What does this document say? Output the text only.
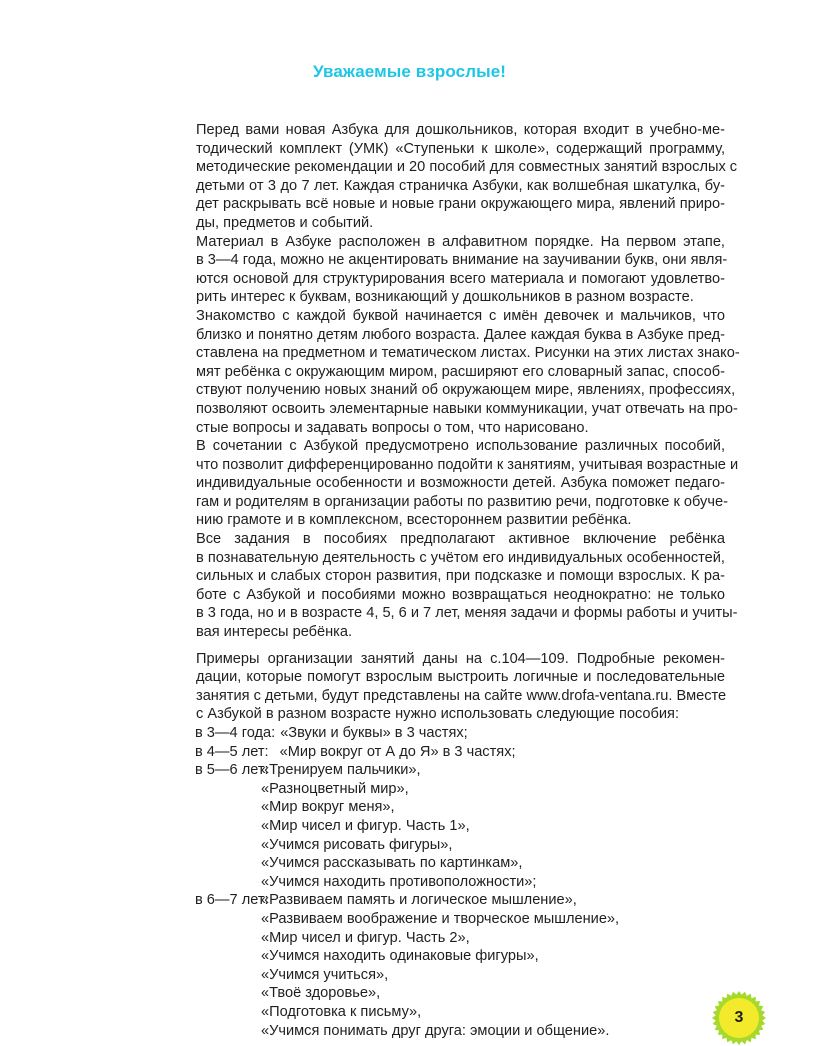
Уважаемые взрослые!

Перед вами новая Азбука для дошкольников, которая входит в учебно-ме-
тодический комплект (УМК) «Ступеньки к школе», содержащий программу,
методические рекомендации и 20 пособий для совместных занятий взрослых с
детьми от 3 до 7 лет. Каждая страничка Азбуки, как волшебная шкатулка, бу-
дет раскрывать всё новые и новые грани окружающего мира, явлений приро-
ды, предметов и событий.

Материал в Азбуке расположен в алфавитном порядке. На первом этапе,
в 3—4 года, можно не акцентировать внимание на заучивании букв, они явля-
ются основой для структурирования всего материала и помогают удовлетво-
рить интерес к буквам, возникающий у дошкольников в разном возрасте.

Знакомство с каждой буквой начинается с имён девочек и мальчиков, что
близко и понятно детям любого возраста. Далее каждая буква в Азбуке пред-
ставлена на предметном и тематическом листах. Рисунки на этих листах знако-
мят ребёнка с окружающим миром, расширяют его словарный запас, способ-
ствуют получению новых знаний об окружающем мире, явлениях, профессиях,
позволяют освоить элементарные навыки коммуникации, учат отвечать на про-
стые вопросы и задавать вопросы о том, что нарисовано.

В сочетании с Азбукой предусмотрено использование различных пособий,
что позволит дифференцированно подойти к занятиям, учитывая возрастные и
индивидуальные особенности и возможности детей. Азбука поможет педаго-
гам и родителям в организации работы по развитию речи, подготовке к обуче-
нию грамоте и в комплексном, всестороннем развитии ребёнка.

Все задания в пособиях предполагают активное включение ребёнка
в познавательную деятельность с учётом его индивидуальных особенностей,
сильных и слабых сторон развития, при подсказке и помощи взрослых. К ра-
боте с Азбукой и пособиями можно возвращаться неоднократно: не только
в 3 года, но и в возрасте 4, 5, 6 и 7 лет, меняя задачи и формы работы и учиты-
вая интересы ребёнка.

Примеры организации занятий даны на с.104—109. Подробные рекомен-
дации, которые помогут взрослым выстроить логичные и последовательные
занятия с детьми, будут представлены на сайте www.drofa-ventana.ru. Вместе
с Азбукой в разном возрасте нужно использовать следующие пособия:

в 3—4 года: «Звуки и буквы» в 3 частях;
в 4—5 лет: «Мир вокруг от А до Я» в 3 частях;
в 5—6 лет:
«Тренируем пальчики»,
«Разноцветный мир»,
«Мир вокруг меня»,
«Мир чисел и фигур. Часть 1»,
«Учимся рисовать фигуры»,
«Учимся рассказывать по картинкам»,
«Учимся находить противоположности»;
в 6—7 лет:
«Развиваем память и логическое мышление»,
«Развиваем воображение и творческое мышление»,
«Мир чисел и фигур. Часть 2»,
«Учимся находить одинаковые фигуры»,
«Учимся учиться»,
«Твоё здоровье»,
«Подготовка к письму»,
«Учимся понимать друг друга: эмоции и общение».
3
